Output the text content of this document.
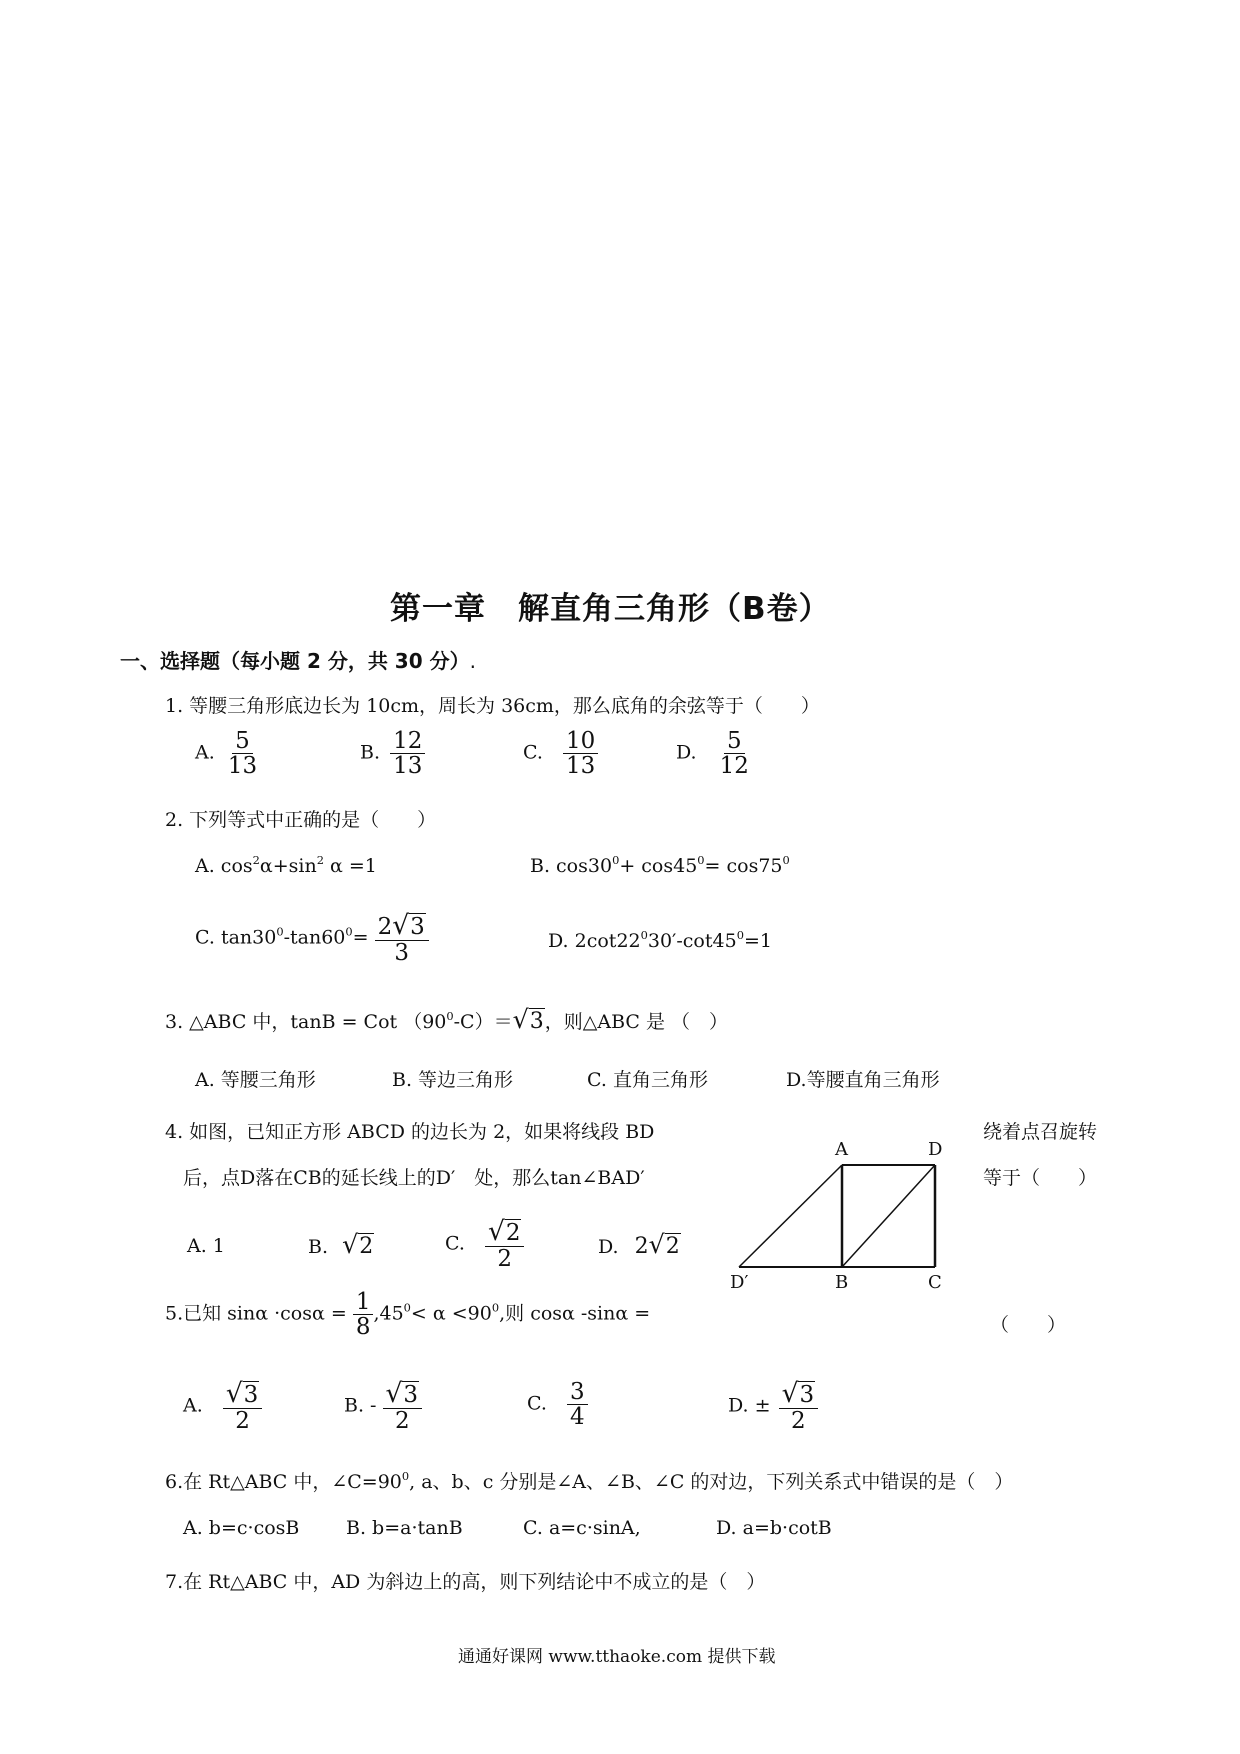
第一章　解直角三角形（B卷）
一、选择题（每小题 2 分，共 30 分）.
1. 等腰三角形底边长为 10cm，周长为 36cm，那么底角的余弦等于（　　）
A. $\frac{5}{13}$	B. $\frac{12}{13}$	C. $\frac{10}{13}$	D. $\frac{5}{12}$
2. 下列等式中正确的是（　　）
A. $\cos^2\alpha+\sin^2$ α =1	B. $\cos 30^0+ \cos 45^0= \cos 75^0$
C. $\tan 30^0-\tan 60^0= \frac{2√3}{3}$	D. $2\cot 22^030'-\cot 45^0=1$
3. △ABC 中，tanB = Cot $(90^0-C)=√3$，则△ABC 是 （　）
A. 等腰三角形	B. 等边三角形	C. 直角三角形	D.等腰直角三角形
4. 如图，已知正方形 ABCD 的边长为 2，如果将线段 BD	绕着点召旋转
后，点D落在CB的延长线上的D′　处，那么tan∠BAD′	等于（　　）
A. 1	B. √2	C. $\frac{√2}{2}$	D. 2√2
A	D
D′	B	C
5.已知 $\sin\alpha \cdot\cos\alpha = \frac{1}{8} ,45^0< \alpha <90^0$,则 cosα -sinα =
（　　）
A. $\frac{√3}{2}$	B. - $\frac{√3}{2}$	C. $\frac{3}{4}$	D. ± $\frac{√3}{2}$
6.在 Rt△ABC 中，$\angle C=90^0$, a、b、c 分别是∠A、∠B、∠C 的对边，下列关系式中错误的是（　）
A. b=c·cosB B. b=a·tanB	C. a=c·sinA,	D. a=b·cotB
7.在 Rt△ABC 中，AD 为斜边上的高，则下列结论中不成立的是（　）
通通好课网 www.tthaoke.com 提供下载
